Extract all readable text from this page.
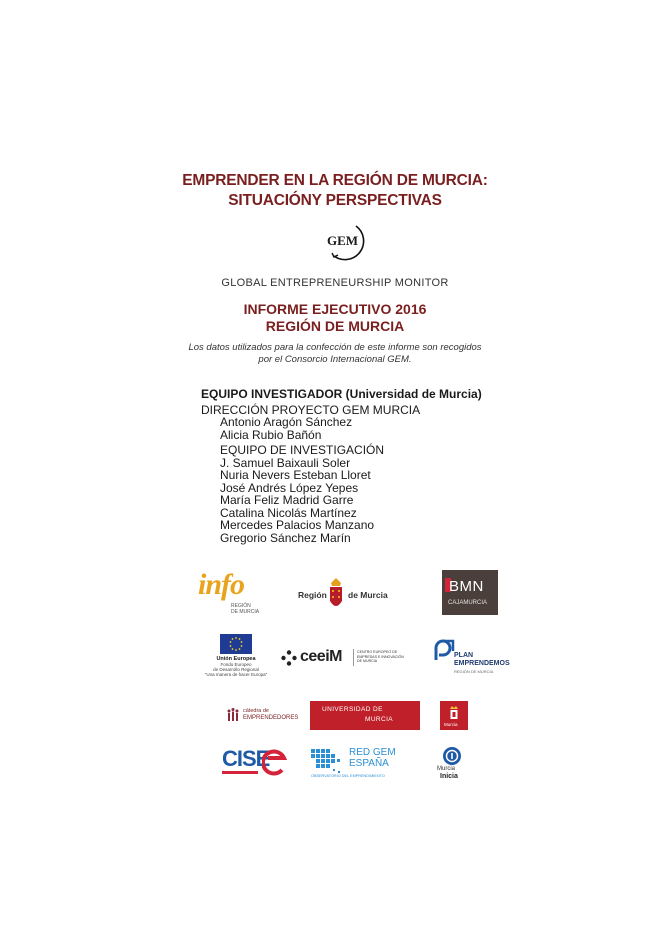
EMPRENDER EN LA REGIÓN DE MURCIA:
SITUACIÓNY PERSPECTIVAS
GEM
GLOBAL ENTREPRENEURSHIP MONITOR
INFORME EJECUTIVO 2016
REGIÓN DE MURCIA
Los datos utilizados para la confección de este informe son recogidos
por el Consorcio Internacional GEM.
EQUIPO INVESTIGADOR (Universidad de Murcia)
DIRECCIÓN PROYECTO GEM MURCIA
Antonio Aragón Sánchez
Alicia Rubio Bañón
EQUIPO DE INVESTIGACIÓN
J. Samuel Baixauli Soler
Nuria Nevers Esteban Lloret
José Andrés López Yepes
María Feliz Madrid Garre
Catalina Nicolás Martínez
Mercedes Palacios Manzano
Gregorio Sánchez Marín
info
REGIÓN
DE MURCIA
Región de Murcia	BMN
CAJAMURCIA
Unión Europea
Fondo Europeo
de Desarrollo Regional
"Una manera de hacer Europa"
ceeiM	CENTRO EUROPEO DE EMPRESAS E INNOVACIÓN DE MURCIA
PLAN
EMPRENDEMOS
REGIÓN DE MURCIA
cátedra de
EMPRENDEDORES
UNIVERSIDAD DE
MURCIA
Murcia
CISE	RED GEM
ESPAÑA
OBSERVATORIO DEL EMPRENDIMIENTO
Murcia
Inicia
